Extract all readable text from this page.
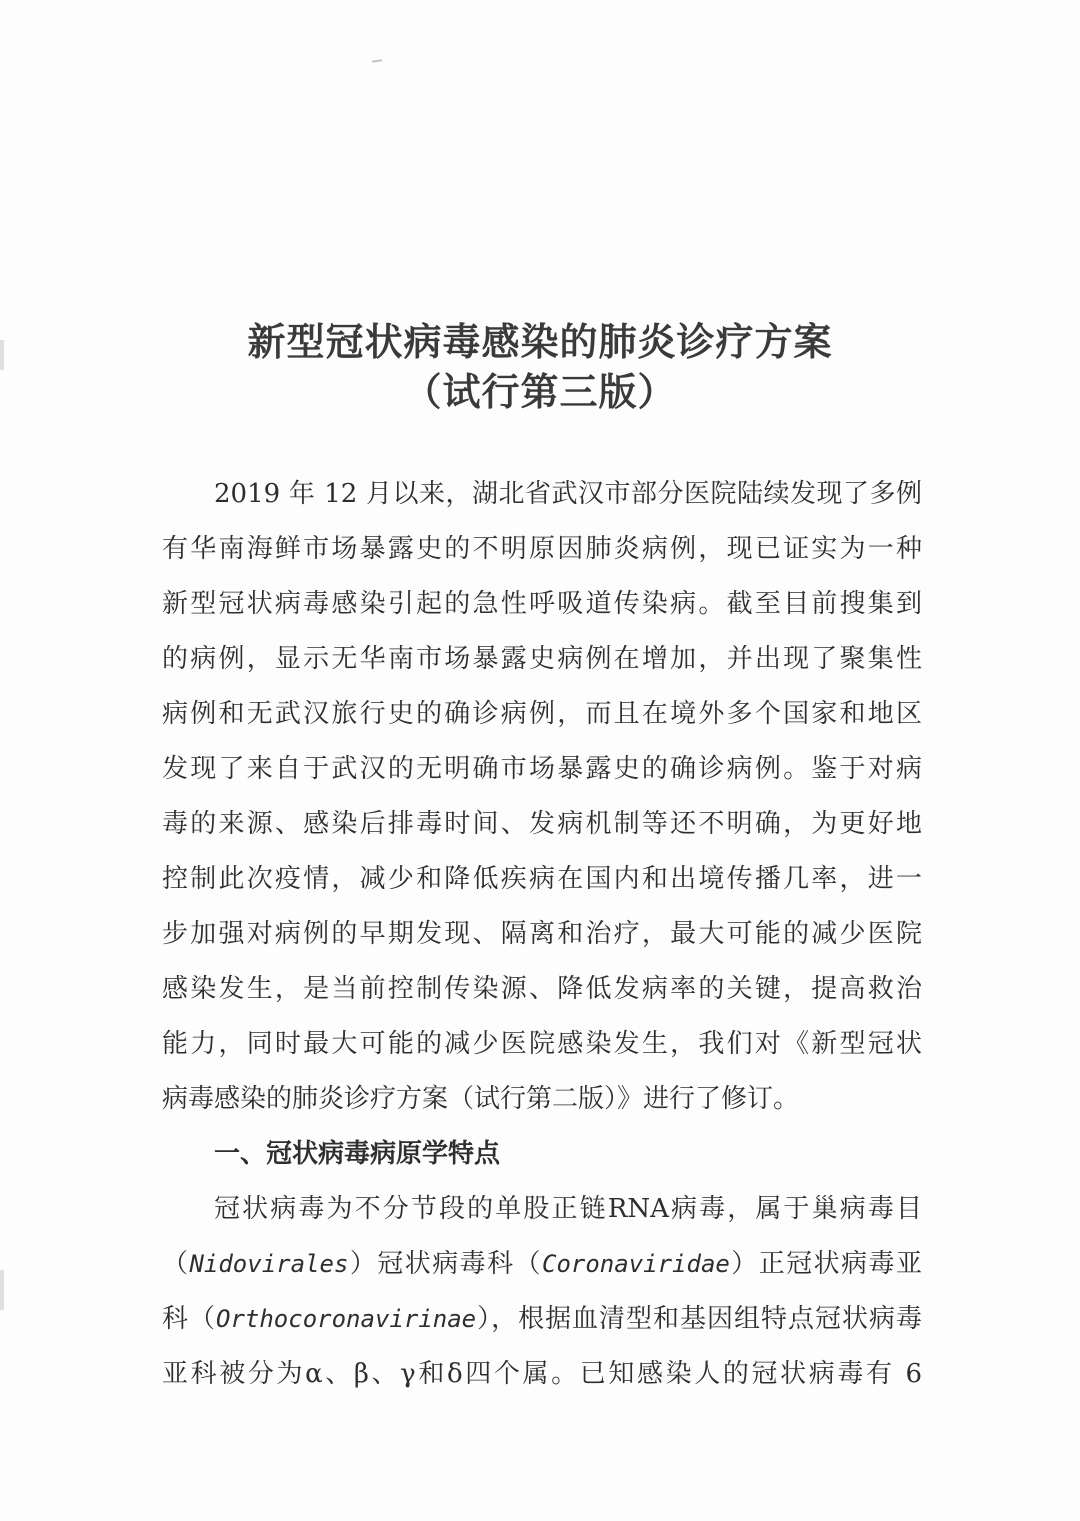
新型冠状病毒感染的肺炎诊疗方案
（试行第三版）
2019 年 12 月以来，湖北省武汉市部分医院陆续发现了多例
有华南海鲜市场暴露史的不明原因肺炎病例，现已证实为一种
新型冠状病毒感染引起的急性呼吸道传染病。截至目前搜集到
的病例，显示无华南市场暴露史病例在增加，并出现了聚集性
病例和无武汉旅行史的确诊病例，而且在境外多个国家和地区
发现了来自于武汉的无明确市场暴露史的确诊病例。鉴于对病
毒的来源、感染后排毒时间、发病机制等还不明确，为更好地
控制此次疫情，减少和降低疾病在国内和出境传播几率，进一
步加强对病例的早期发现、隔离和治疗，最大可能的减少医院
感染发生，是当前控制传染源、降低发病率的关键，提高救治
能力，同时最大可能的减少医院感染发生，我们对《新型冠状
病毒感染的肺炎诊疗方案（试行第二版）》进行了修订。
一、冠状病毒病原学特点
冠状病毒为不分节段的单股正链RNA病毒，属于巢病毒目
（Nidovirales）冠状病毒科（Coronaviridae）正冠状病毒亚
科（Orthocoronavirinae），根据血清型和基因组特点冠状病毒
亚科被分为α、β、γ和δ四个属。已知感染人的冠状病毒有 6
